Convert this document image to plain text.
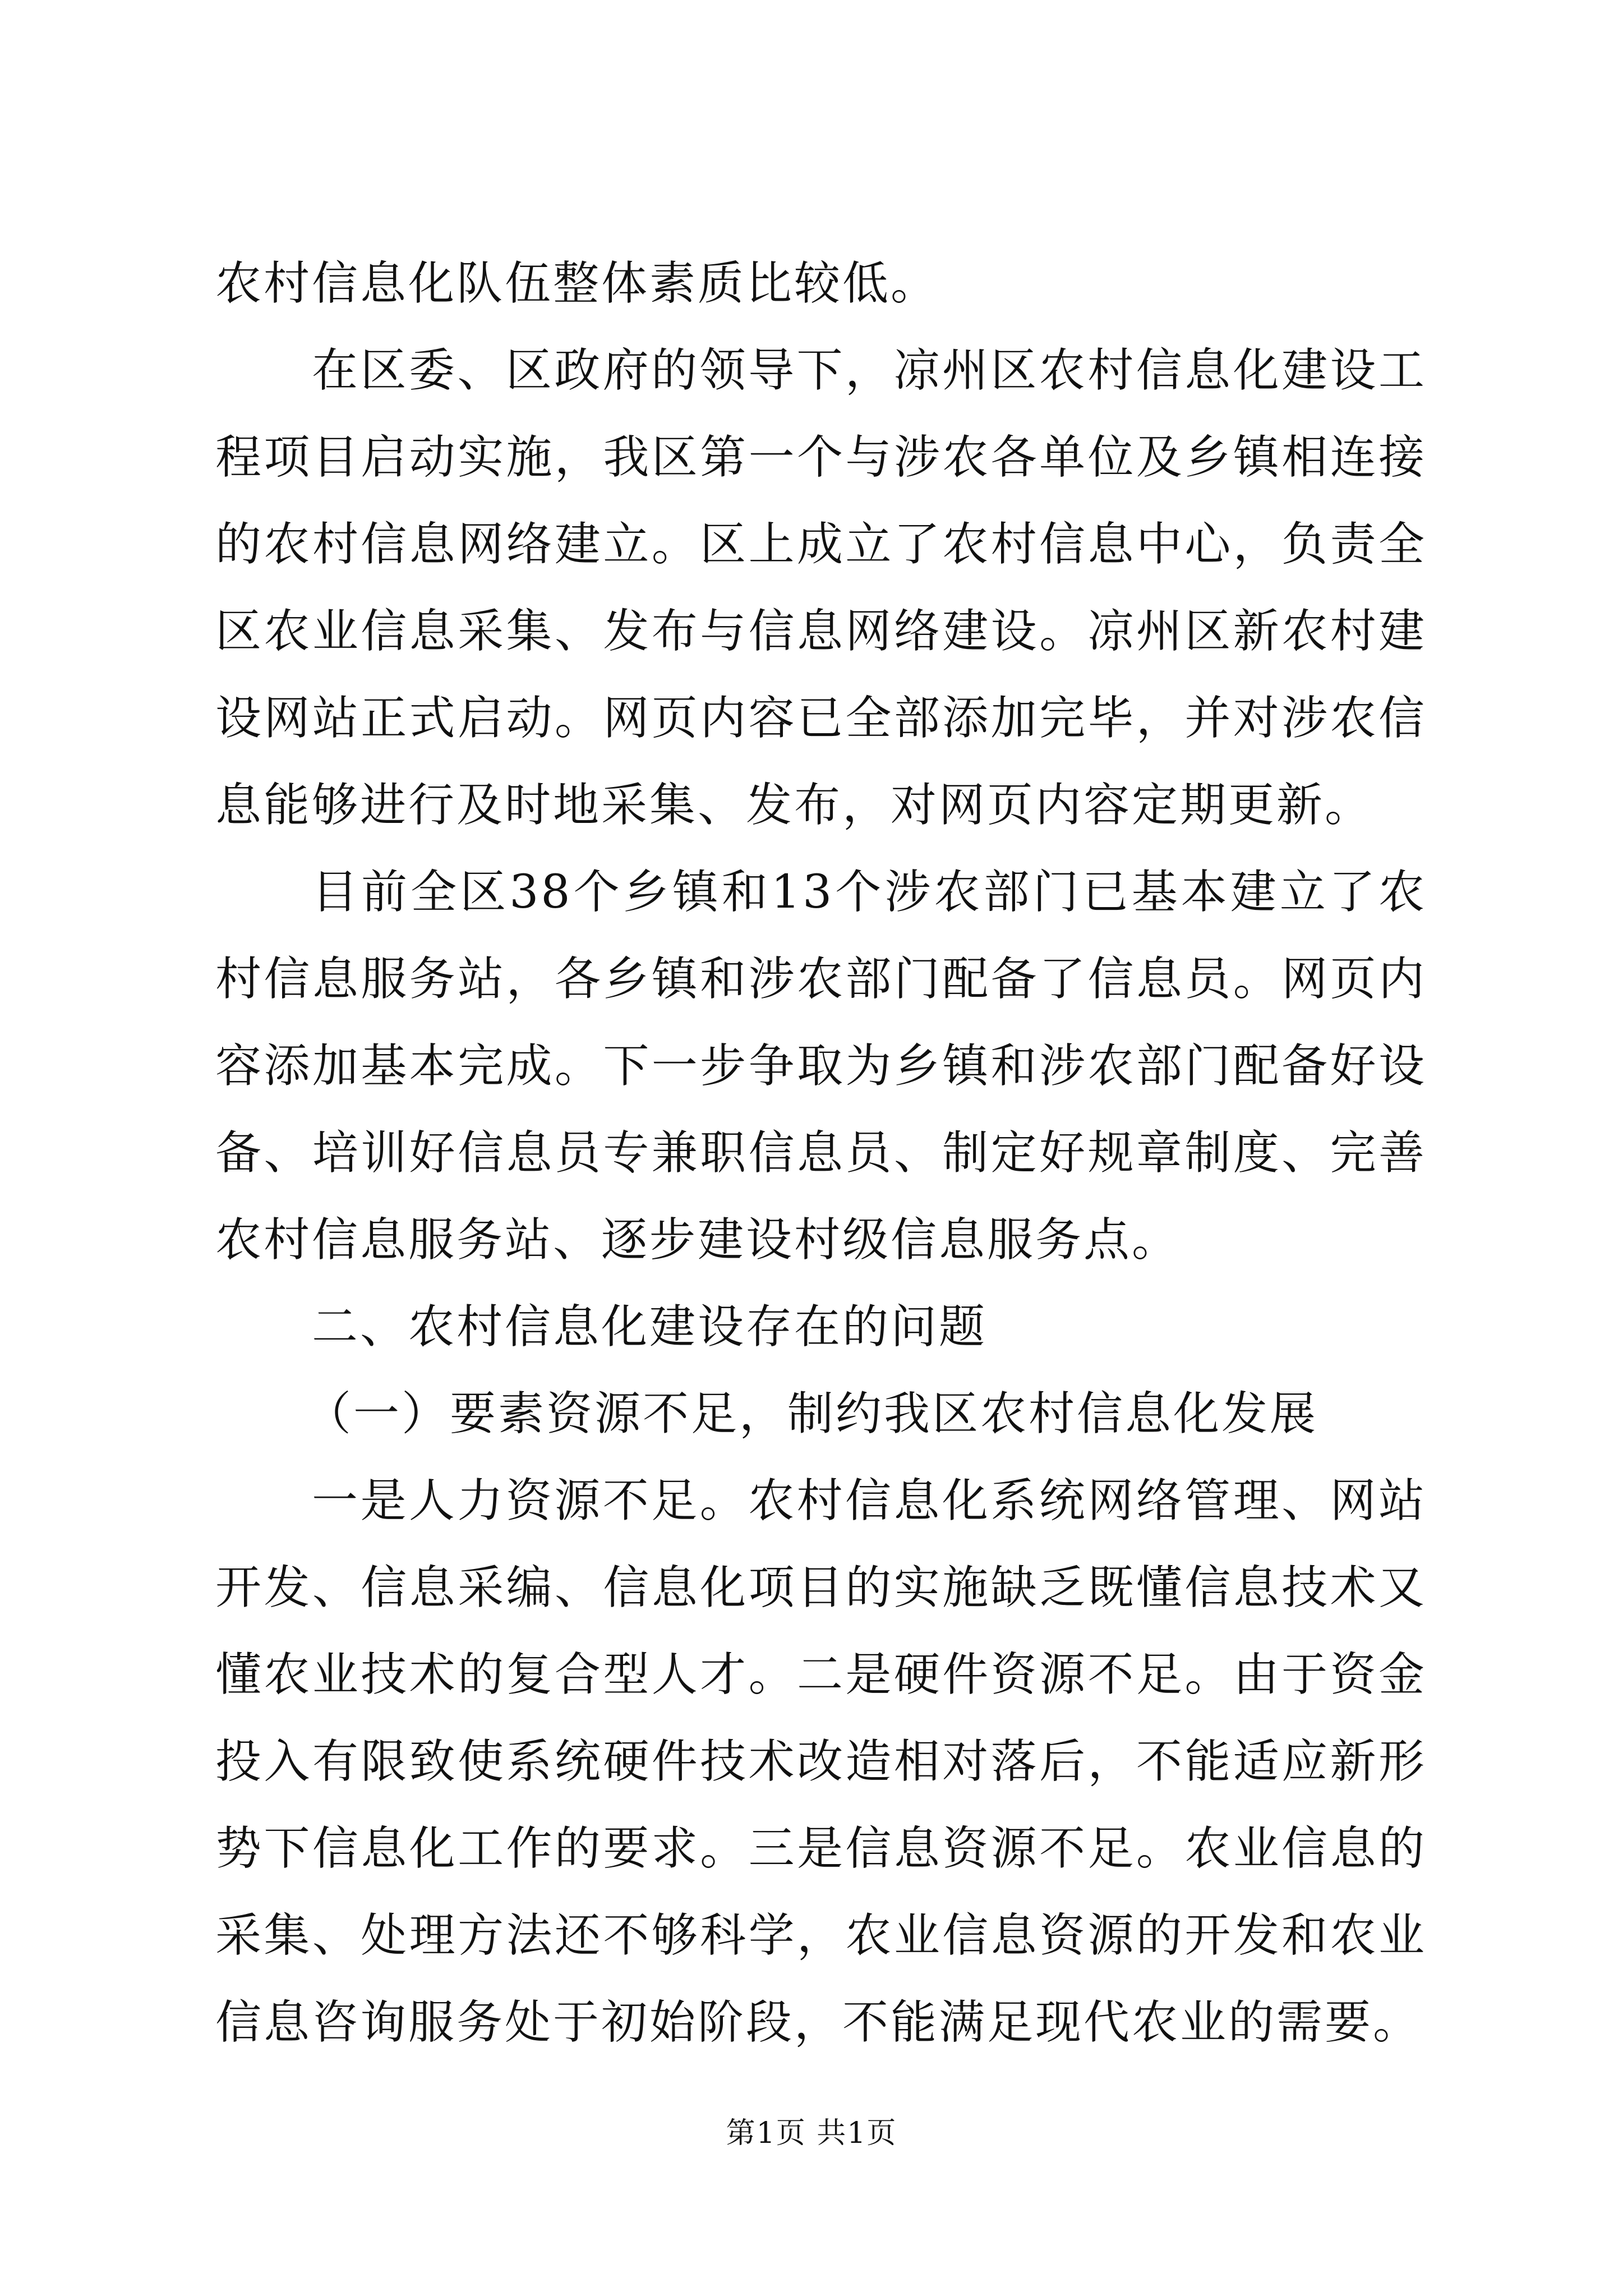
农村信息化队伍整体素质比较低。

在区委、区政府的领导下，凉州区农村信息化建设工程项目启动实施，我区第一个与涉农各单位及乡镇相连接的农村信息网络建立。区上成立了农村信息中心，负责全区农业信息采集、发布与信息网络建设。凉州区新农村建设网站正式启动。网页内容已全部添加完毕，并对涉农信息能够进行及时地采集、发布，对网页内容定期更新。

目前全区38个乡镇和13个涉农部门已基本建立了农村信息服务站，各乡镇和涉农部门配备了信息员。网页内容添加基本完成。下一步争取为乡镇和涉农部门配备好设备、培训好信息员专兼职信息员、制定好规章制度、完善农村信息服务站、逐步建设村级信息服务点。

二、农村信息化建设存在的问题

（一）要素资源不足，制约我区农村信息化发展

一是人力资源不足。农村信息化系统网络管理、网站开发、信息采编、信息化项目的实施缺乏既懂信息技术又懂农业技术的复合型人才。二是硬件资源不足。由于资金投入有限致使系统硬件技术改造相对落后，不能适应新形势下信息化工作的要求。三是信息资源不足。农业信息的采集、处理方法还不够科学，农业信息资源的开发和农业信息咨询服务处于初始阶段，不能满足现代农业的需要。

第1页 共1页
